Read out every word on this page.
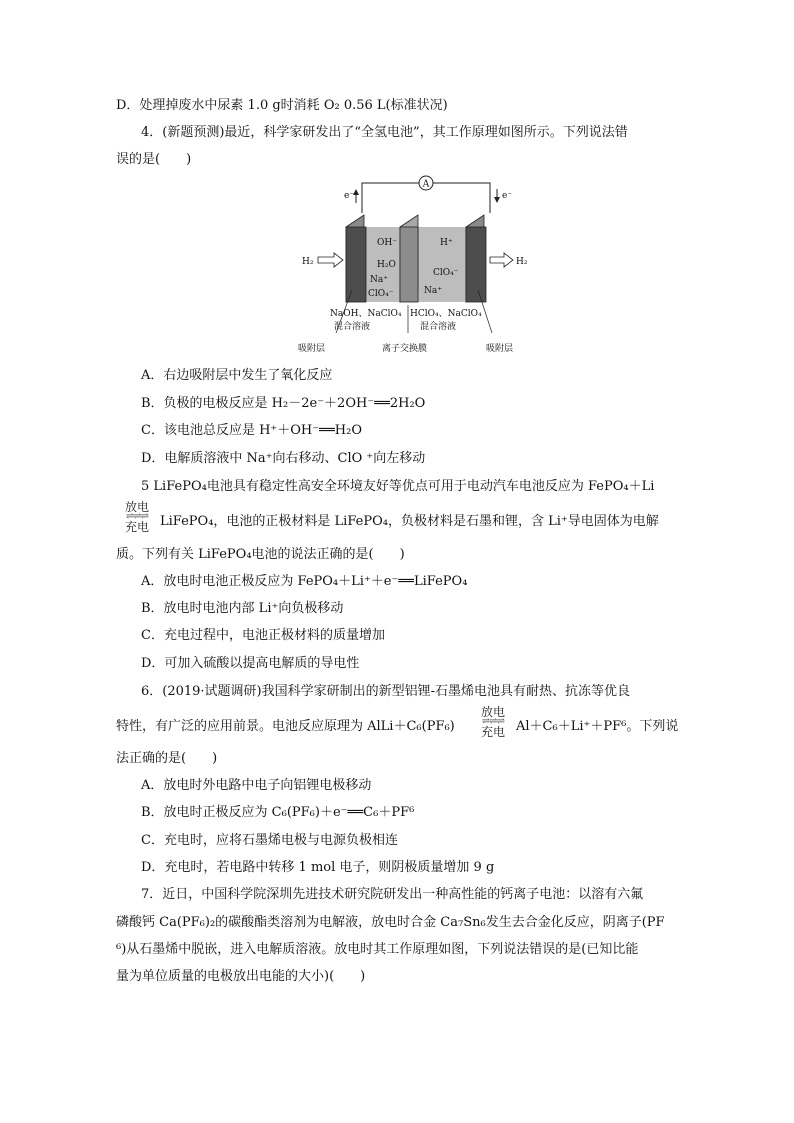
D．处理掉废水中尿素 1.0 g时消耗 O₂ 0.56 L(标准状况)
4．(新题预测)最近，科学家研发出了“全氢电池”，其工作原理如图所示。下列说法错
误的是(　　)
A
e⁻	e⁻
H₂	H₂
OH⁻
H₂O
Na⁺
ClO₄⁻
H⁺
ClO₄⁻
Na⁺
NaOH、NaClO₄
混合溶液
HClO₄、NaClO₄
混合溶液
吸附层	离子交换膜	吸附层
A．右边吸附层中发生了氧化反应
B．负极的电极反应是 H₂－2e⁻＋2OH⁻══2H₂O
C．该电池总反应是 H⁺＋OH⁻══H₂O
D．电解质溶液中 Na⁺向右移动、ClO ⁺向左移动
5 LiFePO₄电池具有稳定性高安全环境友好等优点可用于电动汽车电池反应为 FePO₄＋Li
放电
⇌⇌⇌
充电 LiFePO₄，电池的正极材料是 LiFePO₄，负极材料是石墨和锂，含 Li⁺导电固体为电解
质。下列有关 LiFePO₄电池的说法正确的是(　　)
A．放电时电池正极反应为 FePO₄＋Li⁺＋e⁻══LiFePO₄
B．放电时电池内部 Li⁺向负极移动
C．充电过程中，电池正极材料的质量增加
D．可加入硫酸以提高电解质的导电性
6．(2019·试题调研)我国科学家研制出的新型铝锂-石墨烯电池具有耐热、抗冻等优良
特性，有广泛的应用前景。电池反应原理为 AlLi＋C₆(PF₆)
放电
⇌⇌⇌
充电 Al＋C₆＋Li⁺＋PF⁶。下列说
法正确的是(　　)
A．放电时外电路中电子向铝锂电极移动
B．放电时正极反应为 C₆(PF₆)＋e⁻══C₆＋PF⁶
C．充电时，应将石墨烯电极与电源负极相连
D．充电时，若电路中转移 1 mol 电子，则阴极质量增加 9 g
7．近日，中国科学院深圳先进技术研究院研发出一种高性能的钙离子电池：以溶有六氟
磷酸钙 Ca(PF₆)₂的碳酸酯类溶剂为电解液，放电时合金 Ca₇Sn₆发生去合金化反应，阴离子(PF
⁶)从石墨烯中脱嵌，进入电解质溶液。放电时其工作原理如图，下列说法错误的是(已知比能
量为单位质量的电极放出电能的大小)(　　)
